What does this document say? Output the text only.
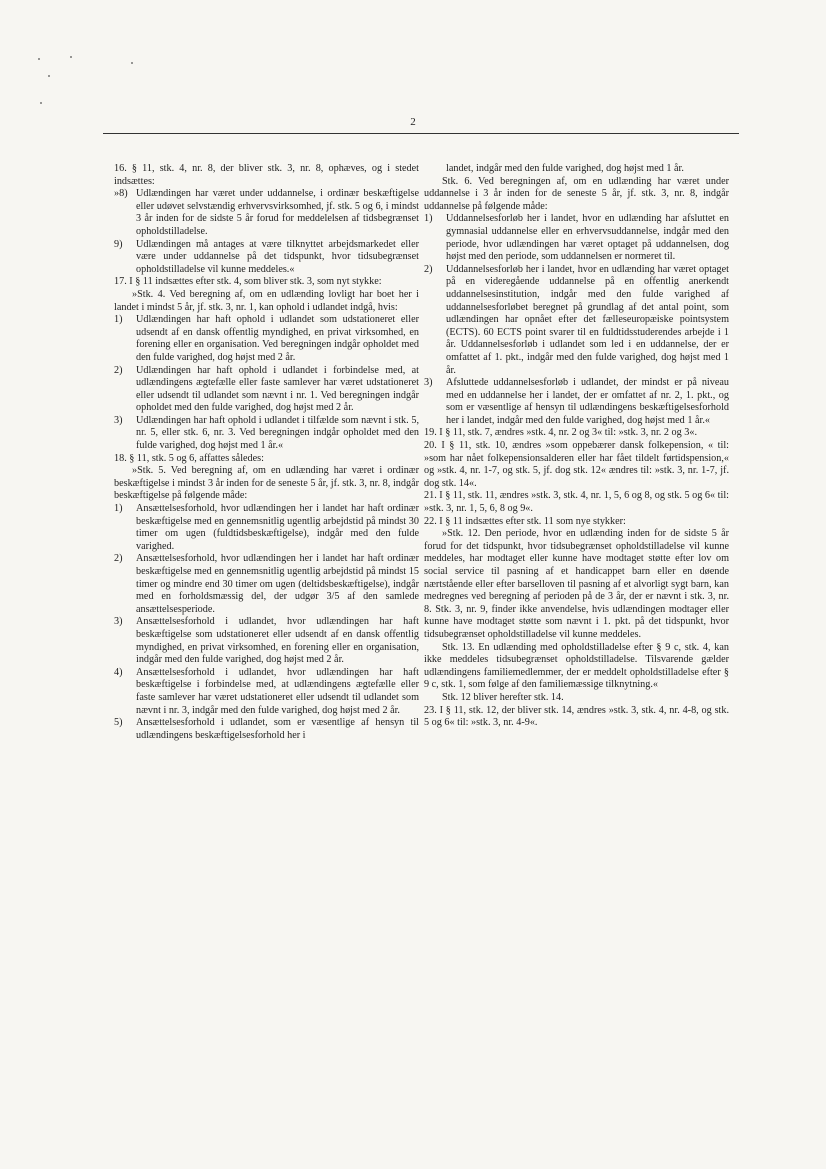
2

16. § 11, stk. 4, nr. 8, der bliver stk. 3, nr. 8, ophæves, og i stedet indsættes:

»8) Udlændingen har været under uddannelse, i ordinær beskæftigelse eller udøvet selvstændig erhvervsvirksomhed, jf. stk. 5 og 6, i mindst 3 år inden for de sidste 5 år forud for meddelelsen af tidsbegrænset opholdstilladelse.

9) Udlændingen må antages at være tilknyttet arbejdsmarkedet eller være under uddannelse på det tidspunkt, hvor tidsubegrænset opholdstilladelse vil kunne meddeles.«

17. I § 11 indsættes efter stk. 4, som bliver stk. 3, som nyt stykke:

»Stk. 4. Ved beregning af, om en udlænding lovligt har boet her i landet i mindst 5 år, jf. stk. 3, nr. 1, kan ophold i udlandet indgå, hvis:

1) Udlændingen har haft ophold i udlandet som udstationeret eller udsendt af en dansk offentlig myndighed, en privat virksomhed, en forening eller en organisation. Ved beregningen indgår opholdet med den fulde varighed, dog højst med 2 år.

2) Udlændingen har haft ophold i udlandet i forbindelse med, at udlændingens ægtefælle eller faste samlever har været udstationeret eller udsendt til udlandet som nævnt i nr. 1. Ved beregningen indgår opholdet med den fulde varighed, dog højst med 2 år.

3) Udlændingen har haft ophold i udlandet i tilfælde som nævnt i stk. 5, nr. 5, eller stk. 6, nr. 3. Ved beregningen indgår opholdet med den fulde varighed, dog højst med 1 år.«

18. § 11, stk. 5 og 6, affattes således:

»Stk. 5. Ved beregning af, om en udlænding har været i ordinær beskæftigelse i mindst 3 år inden for de seneste 5 år, jf. stk. 3, nr. 8, indgår beskæftigelse på følgende måde:

1) Ansættelsesforhold, hvor udlændingen her i landet har haft ordinær beskæftigelse med en gennemsnitlig ugentlig arbejdstid på mindst 30 timer om ugen (fuldtidsbeskæftigelse), indgår med den fulde varighed.

2) Ansættelsesforhold, hvor udlændingen her i landet har haft ordinær beskæftigelse med en gennemsnitlig ugentlig arbejdstid på mindst 15 timer og mindre end 30 timer om ugen (deltidsbeskæftigelse), indgår med en forholdsmæssig del, der udgør 3/5 af den samlede ansættelsesperiode.

3) Ansættelsesforhold i udlandet, hvor udlændingen har haft beskæftigelse som udstationeret eller udsendt af en dansk offentlig myndighed, en privat virksomhed, en forening eller en organisation, indgår med den fulde varighed, dog højst med 2 år.

4) Ansættelsesforhold i udlandet, hvor udlændingen har haft beskæftigelse i forbindelse med, at udlændingens ægtefælle eller faste samlever har været udstationeret eller udsendt til udlandet som nævnt i nr. 3, indgår med den fulde varighed, dog højst med 2 år.

5) Ansættelsesforhold i udlandet, som er væsentlige af hensyn til udlændingens beskæftigelsesforhold her i

landet, indgår med den fulde varighed, dog højst med 1 år.

Stk. 6. Ved beregningen af, om en udlænding har været under uddannelse i 3 år inden for de seneste 5 år, jf. stk. 3, nr. 8, indgår uddannelse på følgende måde:

1) Uddannelsesforløb her i landet, hvor en udlænding har afsluttet en gymnasial uddannelse eller en erhvervsuddannelse, indgår med den periode, hvor udlændingen har været optaget på uddannelsen, dog højst med den periode, som uddannelsen er normeret til.

2) Uddannelsesforløb her i landet, hvor en udlænding har været optaget på en videregående uddannelse på en offentlig anerkendt uddannelsesinstitution, indgår med den fulde varighed af uddannelsesforløbet beregnet på grundlag af det antal point, som udlændingen har opnået efter det fælleseuropæiske pointsystem (ECTS). 60 ECTS point svarer til en fuldtidsstuderendes arbejde i 1 år. Uddannelsesforløb i udlandet som led i en uddannelse, der er omfattet af 1. pkt., indgår med den fulde varighed, dog højst med 1 år.

3) Afsluttede uddannelsesforløb i udlandet, der mindst er på niveau med en uddannelse her i landet, der er omfattet af nr. 2, 1. pkt., og som er væsentlige af hensyn til udlændingens beskæftigelsesforhold her i landet, indgår med den fulde varighed, dog højst med 1 år.«

19. I § 11, stk. 7, ændres »stk. 4, nr. 2 og 3« til: »stk. 3, nr. 2 og 3«.

20. I § 11, stk. 10, ændres »som oppebærer dansk folkepension, « til: »som har nået folkepensionsalderen eller har fået tildelt førtidspension,« og »stk. 4, nr. 1-7, og stk. 5, jf. dog stk. 12« ændres til: »stk. 3, nr. 1-7, jf. dog stk. 14«.

21. I § 11, stk. 11, ændres »stk. 3, stk. 4, nr. 1, 5, 6 og 8, og stk. 5 og 6« til: »stk. 3, nr. 1, 5, 6, 8 og 9«.

22. I § 11 indsættes efter stk. 11 som nye stykker:

»Stk. 12. Den periode, hvor en udlænding inden for de sidste 5 år forud for det tidspunkt, hvor tidsubegrænset opholdstilladelse vil kunne meddeles, har modtaget eller kunne have modtaget støtte efter lov om social service til pasning af et handicappet barn eller en døende nærtstående eller efter barselloven til pasning af et alvorligt sygt barn, kan medregnes ved beregning af perioden på de 3 år, der er nævnt i stk. 3, nr. 8. Stk. 3, nr. 9, finder ikke anvendelse, hvis udlændingen modtager eller kunne have modtaget støtte som nævnt i 1. pkt. på det tidspunkt, hvor tidsubegrænset opholdstilladelse vil kunne meddeles.

Stk. 13. En udlænding med opholdstilladelse efter § 9 c, stk. 4, kan ikke meddeles tidsubegrænset opholdstilladelse. Tilsvarende gælder udlændingens familiemedlemmer, der er meddelt opholdstilladelse efter § 9 c, stk. 1, som følge af den familiemæssige tilknytning.«

Stk. 12 bliver herefter stk. 14.

23. I § 11, stk. 12, der bliver stk. 14, ændres »stk. 3, stk. 4, nr. 4-8, og stk. 5 og 6« til: »stk. 3, nr. 4-9«.
